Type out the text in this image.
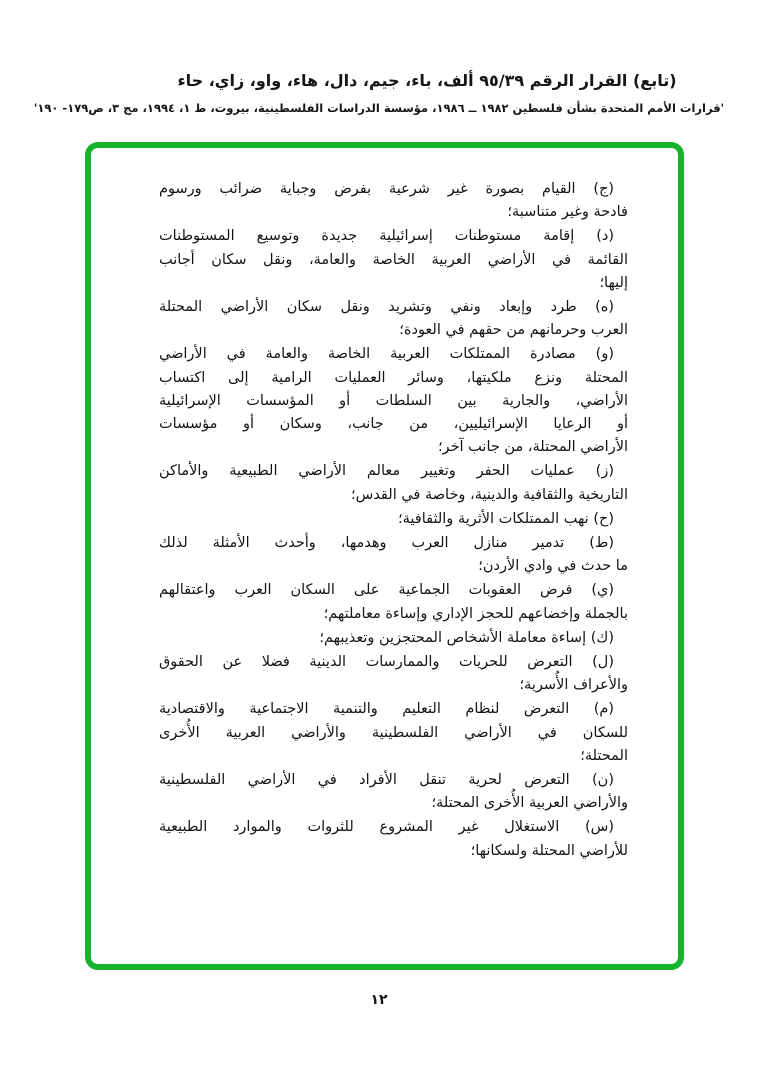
(تابع) القرار الرقم ٩٥/٣٩ ألف، باء، جيم، دال، هاء، واو، زاي، حاء
'قرارات الأمم المتحدة بشأن فلسطين ١٩٨٢ ــ ١٩٨٦، مؤسسة الدراسات الفلسطينية، بيروت، ط ١، ١٩٩٤، مج ٣، ص١٧٩- ١٩٠'
(ج) القيام بصورة غير شرعية بفرض وجباية ضرائب ورسوم
فادحة وغير متناسبة؛
(د) إقامة مستوطنات إسرائيلية جديدة وتوسيع المستوطنات
القائمة في الأراضي العربية الخاصة والعامة، ونقل سكان أجانب
إليها؛
(ه) طرد وإبعاد ونفي وتشريد ونقل سكان الأراضي المحتلة
العرب وحرمانهم من حقهم في العودة؛
(و) مصادرة الممتلكات العربية الخاصة والعامة في الأراضي
المحتلة ونزع ملكيتها، وسائر العمليات الرامية إلى اكتساب
الأراضي، والجارية بين السلطات أو المؤسسات الإسرائيلية
أو الرعايا الإسرائيليين، من جانب، وسكان أو مؤسسات
الأراضي المحتلة، من جانب آخر؛
(ز) عمليات الحفر وتغيير معالم الأراضي الطبيعية والأماكن
التاريخية والثقافية والدينية، وخاصة في القدس؛
(ح) نهب الممتلكات الأثرية والثقافية؛
(ط) تدمير منازل العرب وهدمها، وأحدث الأمثلة لذلك
ما حدث في وادي الأردن؛
(ي) فرض العقوبات الجماعية على السكان العرب واعتقالهم
بالجملة وإخضاعهم للحجز الإداري وإساءة معاملتهم؛
(ك) إساءة معاملة الأشخاص المحتجزين وتعذيبهم؛
(ل) التعرض للحريات والممارسات الدينية فضلا عن الحقوق
والأعراف الأُسرية؛
(م) التعرض لنظام التعليم والتنمية الاجتماعية والاقتصادية
للسكان في الأراضي الفلسطينية والأراضي العربية الأُخرى
المحتلة؛
(ن) التعرض لحرية تنقل الأفراد في الأراضي الفلسطينية
والأراضي العربية الأُخرى المحتلة؛
(س) الاستغلال غير المشروع للثروات والموارد الطبيعية
للأراضي المحتلة ولسكانها؛
١٢
